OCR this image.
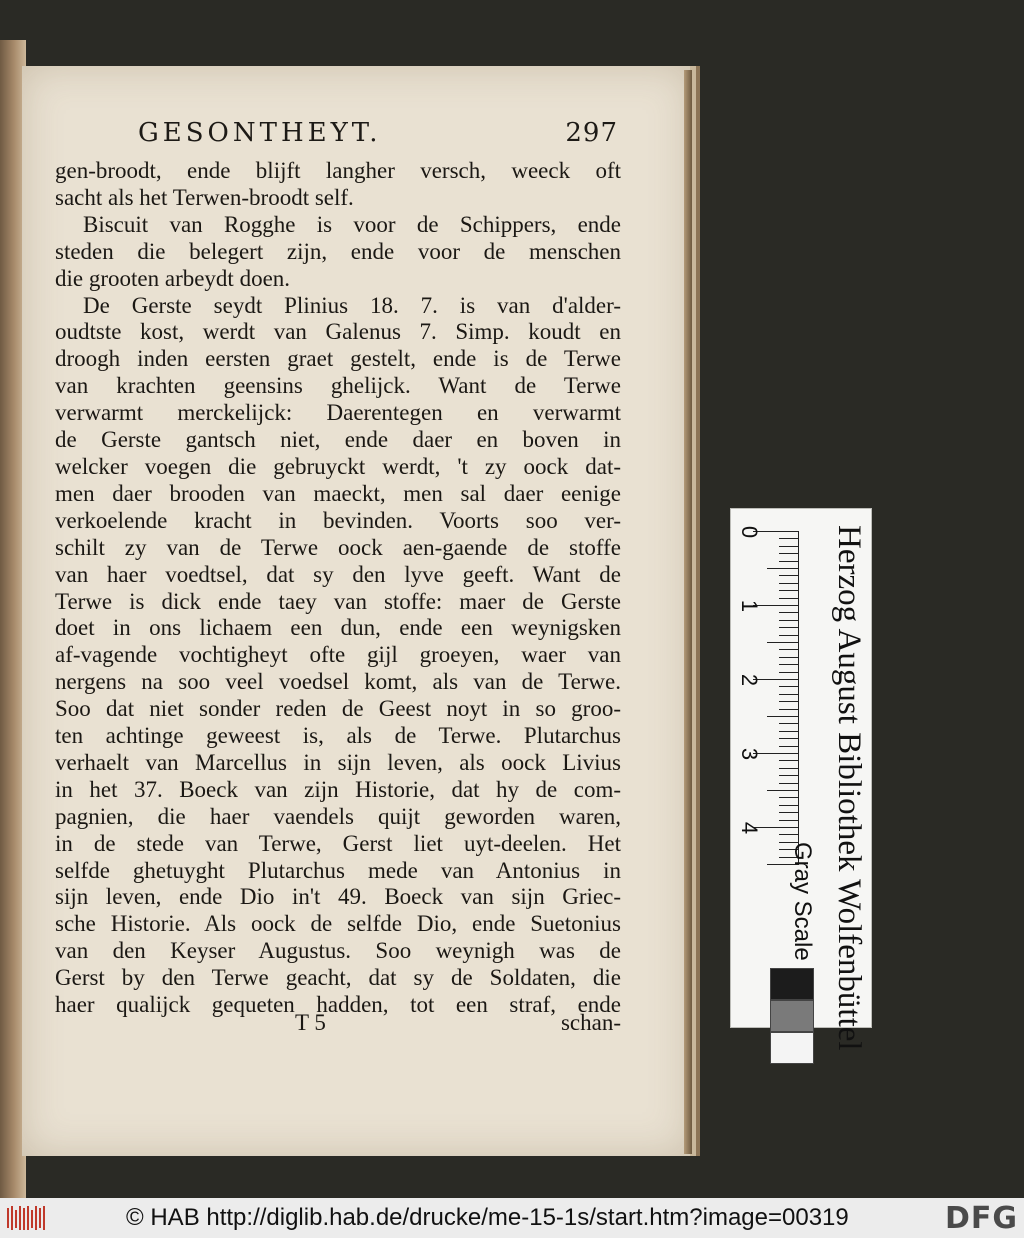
GESONTHEYT.	297
gen-broodt, ende blijft langher versch, weeck oft
sacht als het Terwen-broodt self.
Biscuit van Rogghe is voor de Schippers, ende
steden die belegert zijn, ende voor de menschen
die grooten arbeydt doen.
De Gerste seydt Plinius 18. 7. is van d'alder-
oudtste kost, werdt van Galenus 7. Simp. koudt en
droogh inden eersten graet gestelt, ende is de Terwe
van krachten geensins ghelijck. Want de Terwe
verwarmt merckelijck: Daerentegen en verwarmt
de Gerste gantsch niet, ende daer en boven in
welcker voegen die gebruyckt werdt, 't zy oock dat-
men daer brooden van maeckt, men sal daer eenige
verkoelende kracht in bevinden. Voorts soo ver-
schilt zy van de Terwe oock aen-gaende de stoffe
van haer voedtsel, dat sy den lyve geeft. Want de
Terwe is dick ende taey van stoffe: maer de Gerste
doet in ons lichaem een dun, ende een weynigsken
af-vagende vochtigheyt ofte gijl groeyen, waer van
nergens na soo veel voedsel komt, als van de Terwe.
Soo dat niet sonder reden de Geest noyt in so groo-
ten achtinge geweest is, als de Terwe. Plutarchus
verhaelt van Marcellus in sijn leven, als oock Livius
in het 37. Boeck van zijn Historie, dat hy de com-
pagnien, die haer vaendels quijt geworden waren,
in de stede van Terwe, Gerst liet uyt-deelen. Het
selfde ghetuyght Plutarchus mede van Antonius in
sijn leven, ende Dio in't 49. Boeck van sijn Griec-
sche Historie. Als oock de selfde Dio, ende Suetonius
van den Keyser Augustus. Soo weynigh was de
Gerst by den Terwe geacht, dat sy de Soldaten, die
haer qualijck gequeten hadden, tot een straf, ende
T 5	schan-
0
1
2
3
4 Herzog August Bibliothek Wolfenbüttel
Gray Scale
© HAB http://diglib.hab.de/drucke/me-15-1s/start.htm?image=00319	DFG
